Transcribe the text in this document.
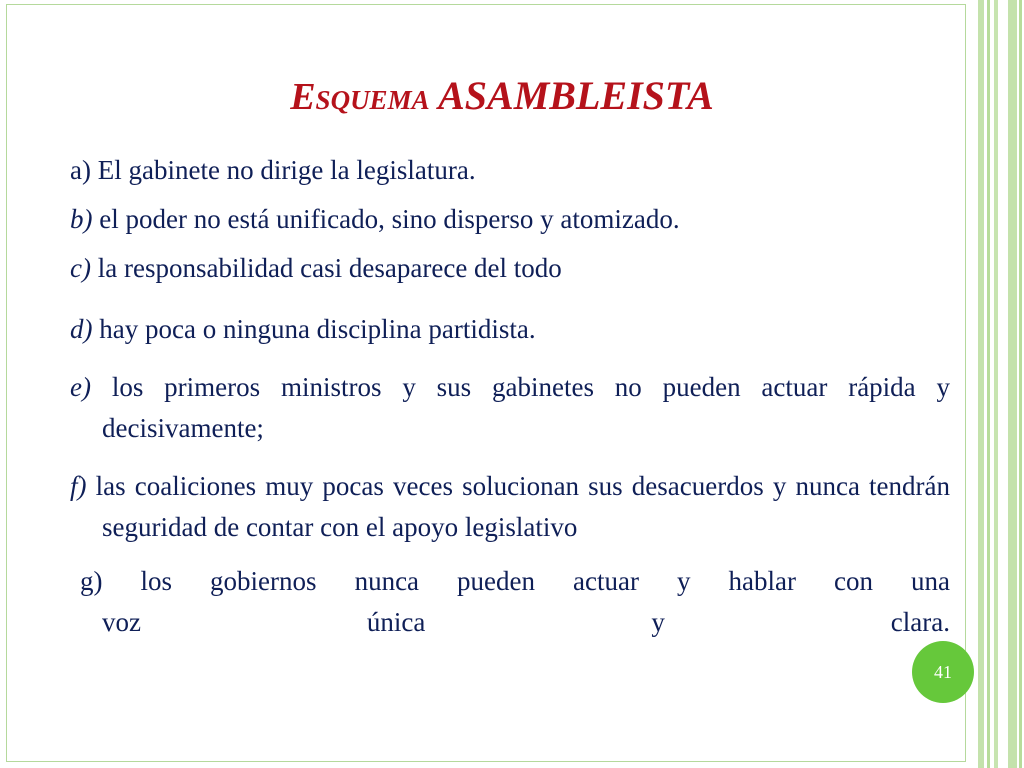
Esquema ASAMBLEISTA

a) El gabinete no dirige la legislatura.

b) el poder no está unificado, sino disperso y atomizado.

c) la responsabilidad casi desaparece del todo

d) hay poca o ninguna disciplina partidista.

e) los primeros ministros y sus gabinetes no pueden actuar rápida y decisivamente;

f) las coaliciones muy pocas veces solucionan sus desacuerdos y nunca tendrán seguridad de contar con el apoyo legislativo

g) los gobiernos nunca pueden actuar y hablar con una
voz única y clara.

41
